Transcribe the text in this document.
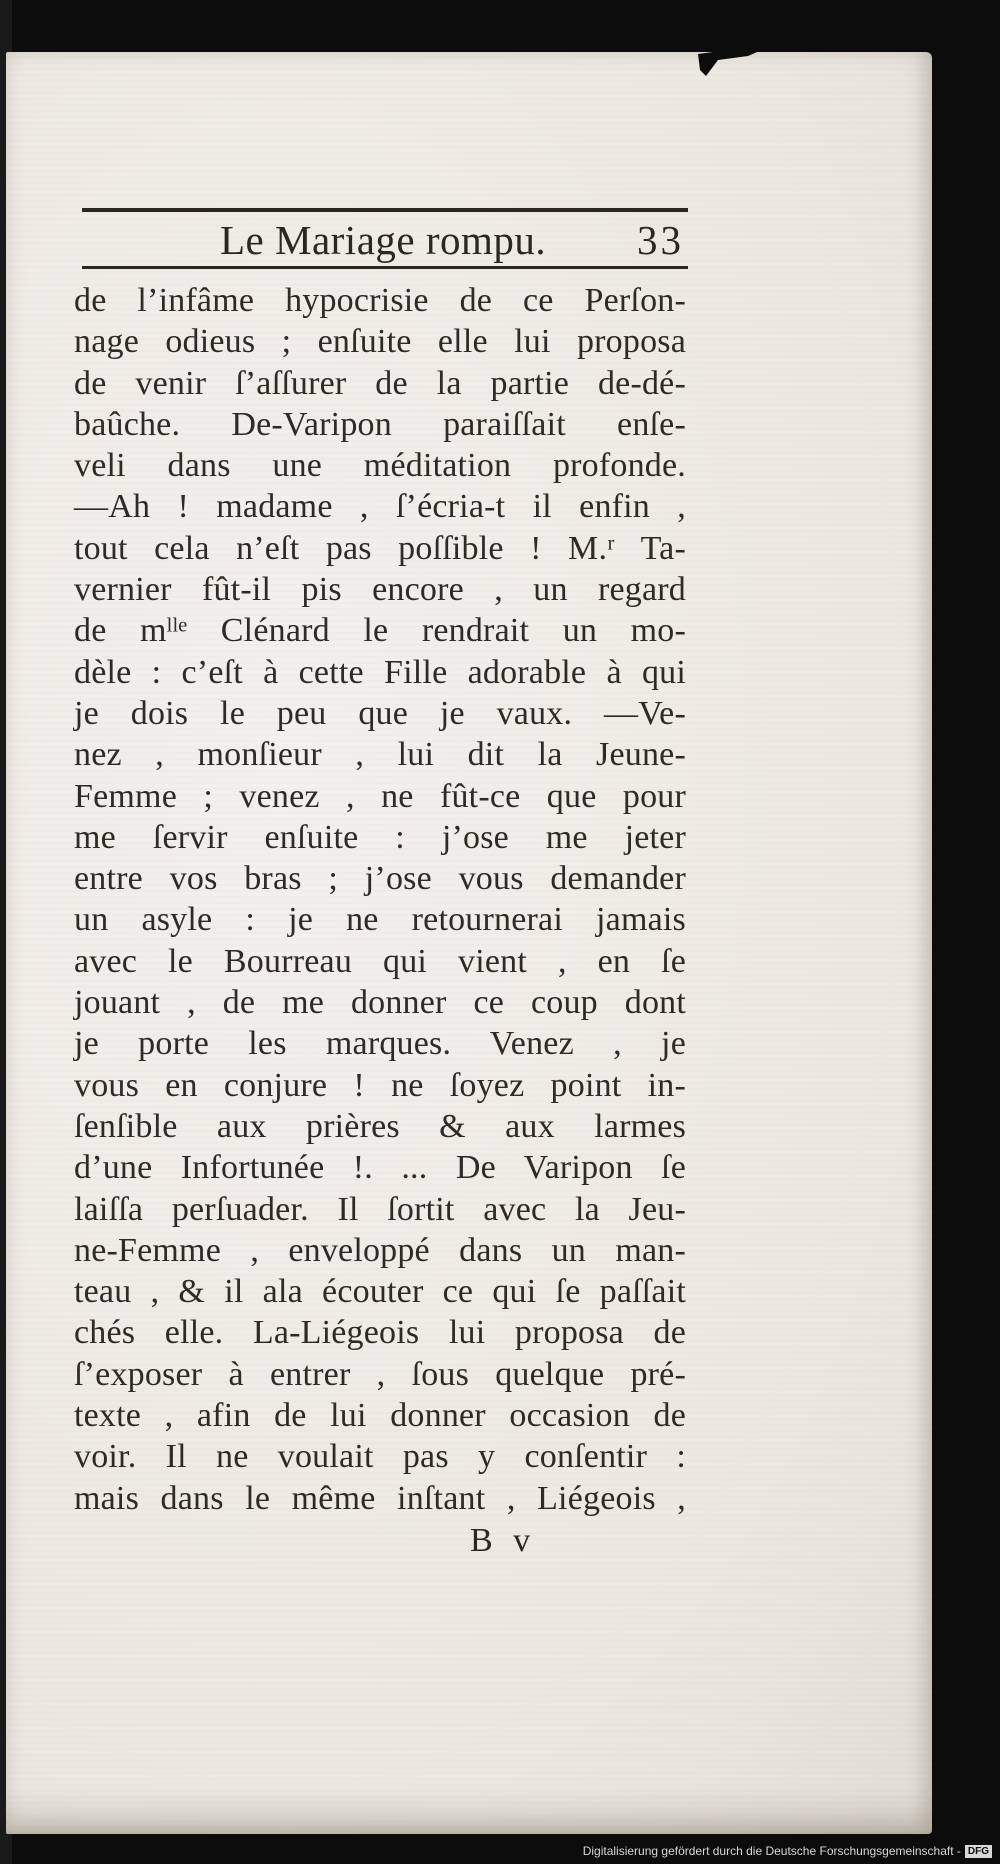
Le Mariage rompu. 33
de l’infâme hypocrisie de ce Perſon-
nage odieus ; enſuite elle lui proposa
de venir ſ’aſſurer de la partie de-dé-
baûche. De-Varipon paraiſſait enſe-
veli dans une méditation profonde.
—Ah ! madame , ſ’écria-t il enfin ,
tout cela n’eſt pas poſſible ! M.ʳ Ta-
vernier fût-il pis encore , un regard
de mˡˡᵉ Clénard le rendrait un mo-
dèle : c’eſt à cette Fille adorable à qui
je dois le peu que je vaux. —Ve-
nez , monſieur , lui dit la Jeune-
Femme ; venez , ne fût-ce que pour
me ſervir enſuite : j’ose me jeter
entre vos bras ; j’ose vous demander
un asyle : je ne retournerai jamais
avec le Bourreau qui vient , en ſe
jouant , de me donner ce coup dont
je porte les marques. Venez , je
vous en conjure ! ne ſoyez point in-
ſenſible aux prières & aux larmes
d’une Infortunée !. ... De Varipon ſe
laiſſa perſuader. Il ſortit avec la Jeu-
ne-Femme , enveloppé dans un man-
teau , & il ala écouter ce qui ſe paſſait
chés elle. La-Liégeois lui proposa de
ſ’exposer à entrer , ſous quelque pré-
texte , afin de lui donner occasion de
voir. Il ne voulait pas y conſentir :
mais dans le même inſtant , Liégeois ,
B v
Digitalisierung gefördert durch die Deutsche Forschungsgemeinschaft - DFG
